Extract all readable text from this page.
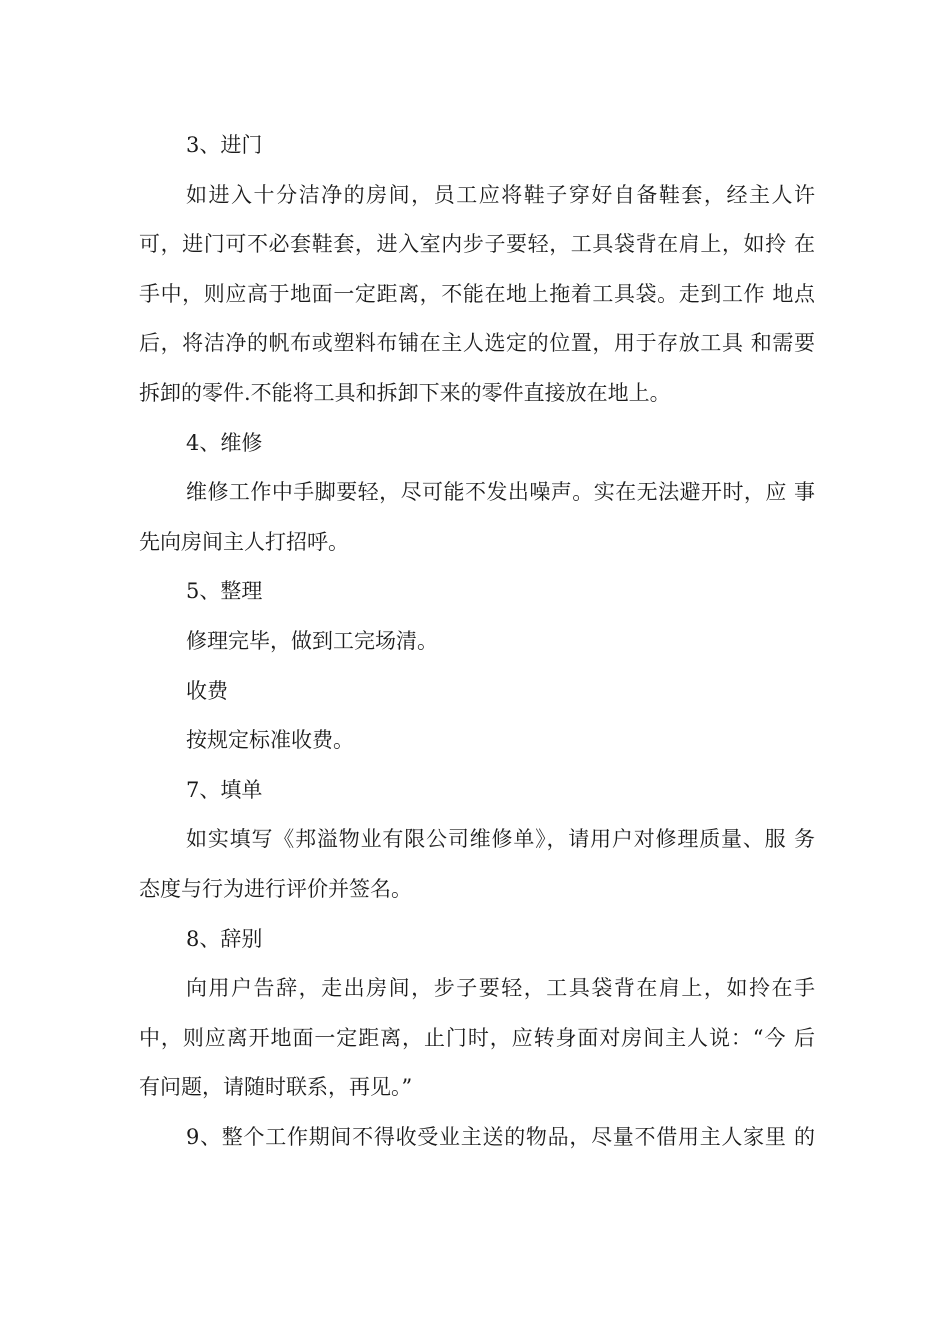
3、进门
如进入十分洁净的房间，员工应将鞋子穿好自备鞋套，经主人许
可，进门可不必套鞋套，进入室内步子要轻，工具袋背在肩上，如拎 在
手中，则应高于地面一定距离，不能在地上拖着工具袋。走到工作 地点
后，将洁净的帆布或塑料布铺在主人选定的位置，用于存放工具 和需要
拆卸的零件.不能将工具和拆卸下来的零件直接放在地上。
4、维修
维修工作中手脚要轻，尽可能不发出噪声。实在无法避开时，应 事
先向房间主人打招呼。
5、整理
修理完毕，做到工完场清。
收费
按规定标准收费。
7、填单
如实填写《邦溢物业有限公司维修单》，请用户对修理质量、服 务
态度与行为进行评价并签名。
8、辞别
向用户告辞，走出房间，步子要轻，工具袋背在肩上，如拎在手
中，则应离开地面一定距离，止门时，应转身面对房间主人说：“今 后
有问题，请随时联系，再见。”
9、整个工作期间不得收受业主送的物品，尽量不借用主人家里 的
